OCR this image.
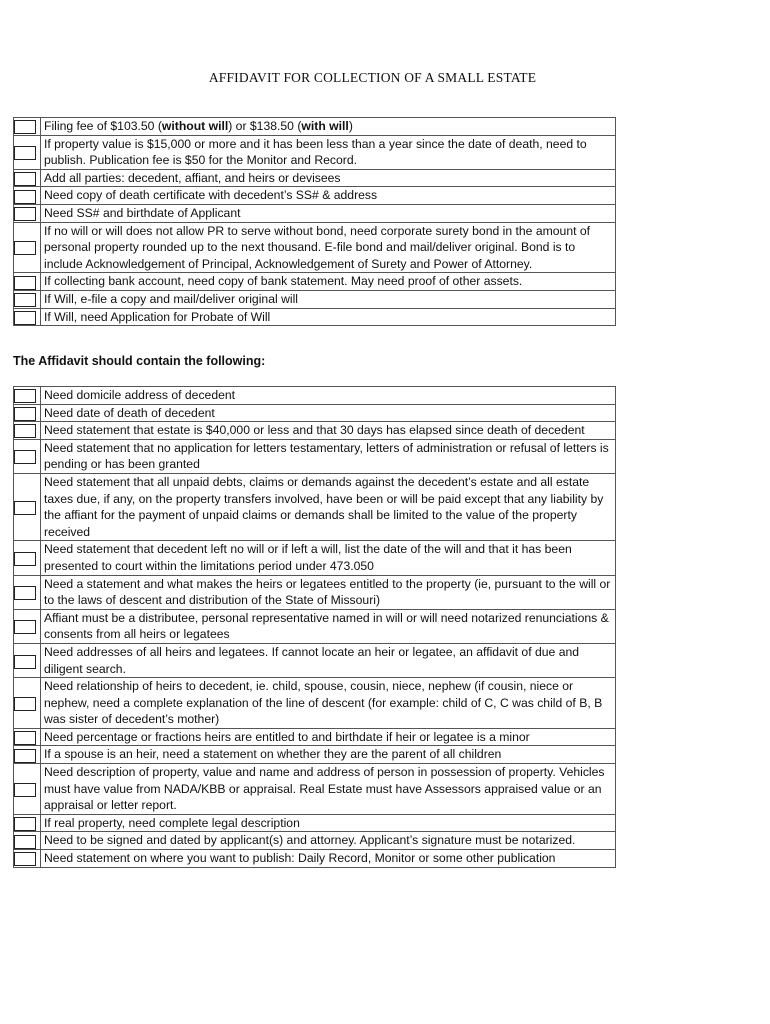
AFFIDAVIT FOR COLLECTION OF A SMALL ESTATE
	Filing fee of $103.50 (without will) or $138.50 (with will)

	If property value is $15,000 or more and it has been less than a year since the date of death, need to publish. Publication fee is $50 for the Monitor and Record.

	Add all parties: decedent, affiant, and heirs or devisees

	Need copy of death certificate with decedent’s SS# & address

	Need SS# and birthdate of Applicant

	If no will or will does not allow PR to serve without bond, need corporate surety bond in the amount of personal property rounded up to the next thousand. E-file bond and mail/deliver original. Bond is to include Acknowledgement of Principal, Acknowledgement of Surety and Power of Attorney.

	If collecting bank account, need copy of bank statement. May need proof of other assets.

	If Will, e-file a copy and mail/deliver original will

	If Will, need Application for Probate of Will
The Affidavit should contain the following:
	Need domicile address of decedent

	Need date of death of decedent

	Need statement that estate is $40,000 or less and that 30 days has elapsed since death of decedent

	Need statement that no application for letters testamentary, letters of administration or refusal of letters is pending or has been granted

	Need statement that all unpaid debts, claims or demands against the decedent’s estate and all estate taxes due, if any, on the property transfers involved, have been or will be paid except that any liability by the affiant for the payment of unpaid claims or demands shall be limited to the value of the property received

	Need statement that decedent left no will or if left a will, list the date of the will and that it has been presented to court within the limitations period under 473.050

	Need a statement and what makes the heirs or legatees entitled to the property (ie, pursuant to the will or to the laws of descent and distribution of the State of Missouri)

	Affiant must be a distributee, personal representative named in will or will need notarized renunciations & consents from all heirs or legatees

	Need addresses of all heirs and legatees. If cannot locate an heir or legatee, an affidavit of due and diligent search.

	Need relationship of heirs to decedent, ie. child, spouse, cousin, niece, nephew (if cousin, niece or nephew, need a complete explanation of the line of descent (for example: child of C, C was child of B, B was sister of decedent’s mother)

	Need percentage or fractions heirs are entitled to and birthdate if heir or legatee is a minor

	If a spouse is an heir, need a statement on whether they are the parent of all children

	Need description of property, value and name and address of person in possession of property. Vehicles must have value from NADA/KBB or appraisal. Real Estate must have Assessors appraised value or an appraisal or letter report.

	If real property, need complete legal description

	Need to be signed and dated by applicant(s) and attorney. Applicant’s signature must be notarized.

	Need statement on where you want to publish: Daily Record, Monitor or some other publication
